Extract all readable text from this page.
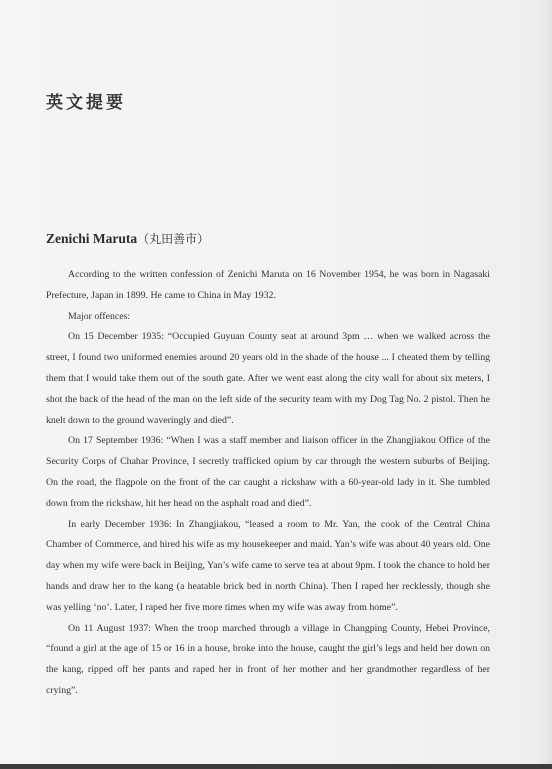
英文提要
Zenichi Maruta（丸田善市）

According to the written confession of Zenichi Maruta on 16 November 1954, he was born in Nagasaki Prefecture, Japan in 1899. He came to China in May 1932.

Major offences:

On 15 December 1935: “Occupied Guyuan County seat at around 3pm … when we walked across the street, I found two uniformed enemies around 20 years old in the shade of the house ... I cheated them by telling them that I would take them out of the south gate. After we went east along the city wall for about six meters, I shot the back of the head of the man on the left side of the security team with my Dog Tag No. 2 pistol. Then he knelt down to the ground waveringly and died”.

On 17 September 1936: “When I was a staff member and liaison officer in the Zhangjiakou Office of the Security Corps of Chahar Province, I secretly trafficked opium by car through the western suburbs of Beijing. On the road, the flagpole on the front of the car caught a rickshaw with a 60-year-old lady in it. She tumbled down from the rickshaw, hit her head on the asphalt road and died”.

In early December 1936: In Zhangjiakou, “leased a room to Mr. Yan, the cook of the Central China Chamber of Commerce, and hired his wife as my housekeeper and maid. Yan’s wife was about 40 years old. One day when my wife were back in Beijing, Yan’s wife came to serve tea at about 9pm. I took the chance to hold her hands and draw her to the kang (a heatable brick bed in north China). Then I raped her recklessly, though she was yelling ‘no’. Later, I raped her five more times when my wife was away from home”.

On 11 August 1937: When the troop marched through a village in Changping County, Hebei Province, “found a girl at the age of 15 or 16 in a house, broke into the house, caught the girl’s legs and held her down on the kang, ripped off her pants and raped her in front of her mother and her grandmother regardless of her crying”.
